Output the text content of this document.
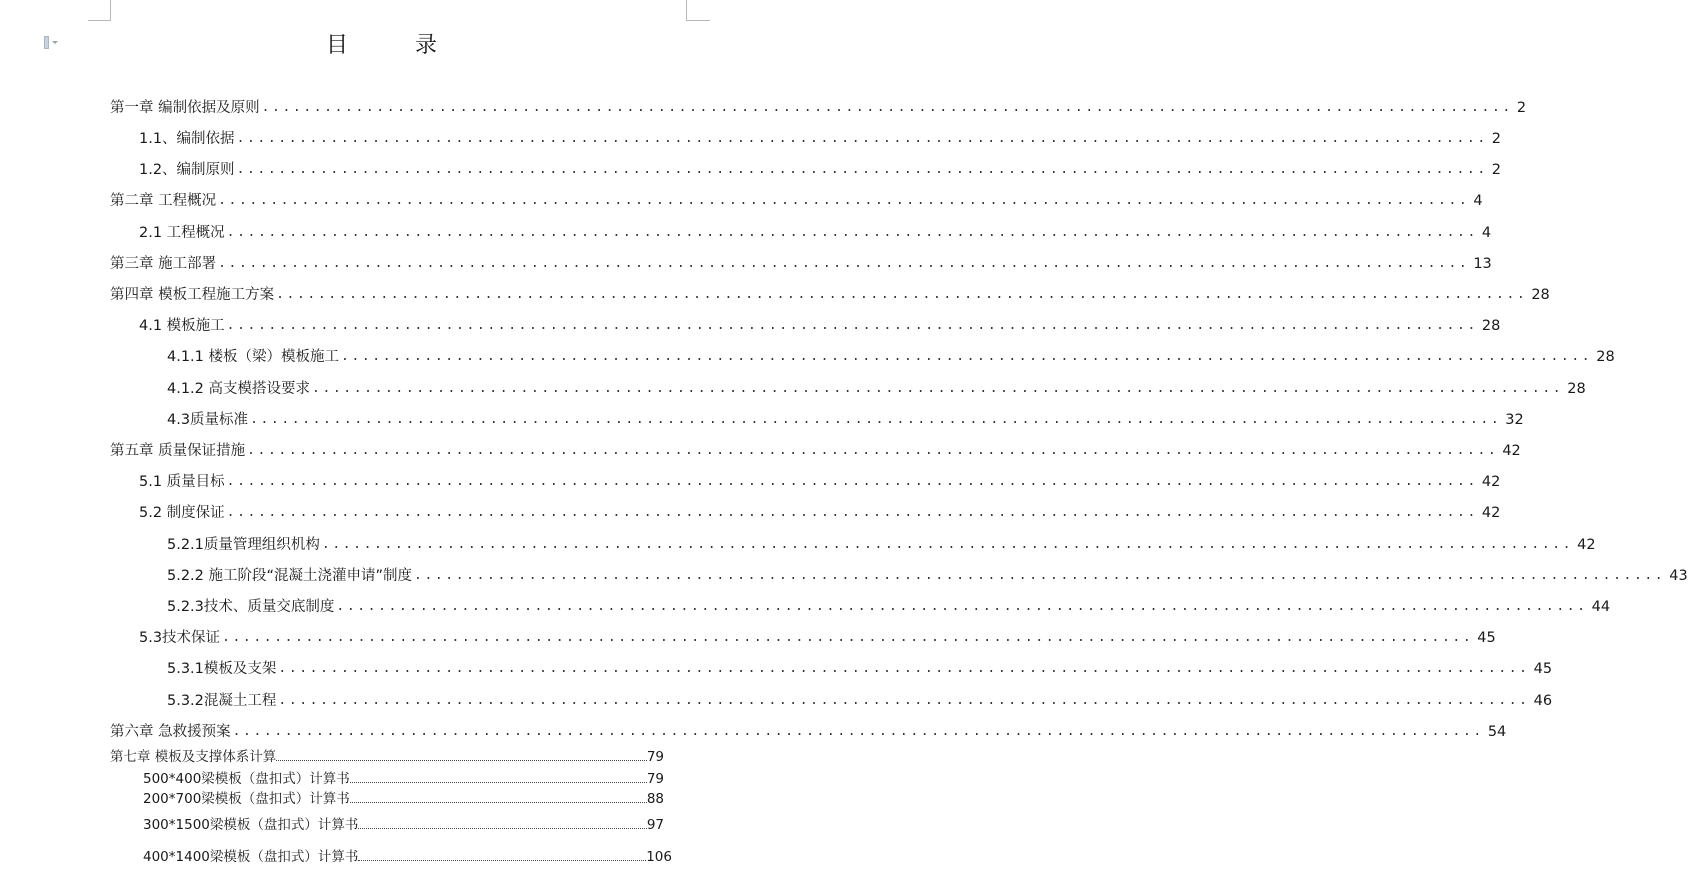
目 录
第一章 编制依据及原则 ........................................................................................................................ 2
1.1、编制依据 ........................................................................................................................ 2
1.2、编制原则 ........................................................................................................................ 2
第二章 工程概况 ........................................................................................................................ 4
2.1 工程概况 ........................................................................................................................ 4
第三章 施工部署 ........................................................................................................................ 13
第四章 模板工程施工方案 ........................................................................................................................ 28
4.1 模板施工 ........................................................................................................................ 28
4.1.1 楼板（梁）模板施工 ........................................................................................................................ 28
4.1.2 高支模搭设要求 ........................................................................................................................ 28
4.3质量标准 ........................................................................................................................ 32
第五章 质量保证措施 ........................................................................................................................ 42
5.1 质量目标 ........................................................................................................................ 42
5.2 制度保证 ........................................................................................................................ 42
5.2.1质量管理组织机构 ........................................................................................................................ 42
5.2.2 施工阶段“混凝土浇灌申请”制度 ........................................................................................................................ 43
5.2.3技术、质量交底制度 ........................................................................................................................ 44
5.3技术保证 ........................................................................................................................ 45
5.3.1模板及支架 ........................................................................................................................ 45
5.3.2混凝土工程 ........................................................................................................................ 46
第六章 急救援预案 ........................................................................................................................ 54
第七章 模板及支撑体系计算	79
500*400梁模板（盘扣式）计算书	79
200*700梁模板（盘扣式）计算书	88
300*1500梁模板（盘扣式）计算书	97
400*1400梁模板（盘扣式）计算书	106
